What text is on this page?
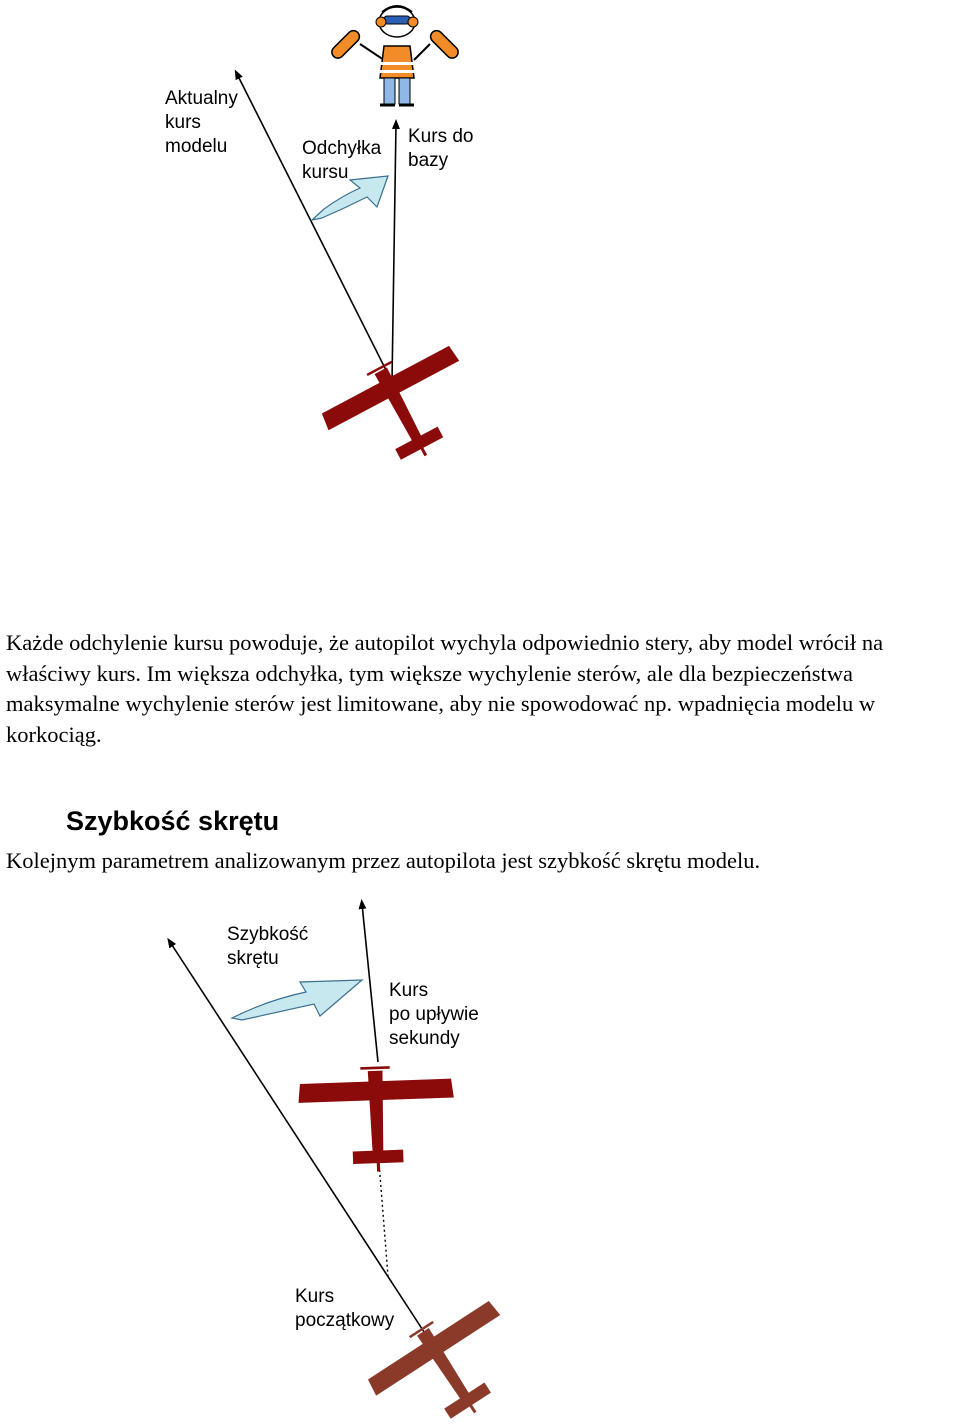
Aktualny
kurs
modelu	Odchyłka
kursu
Kurs do
bazy

Każde odchylenie kursu powoduje, że autopilot wychyla odpowiednio stery, aby model wrócił na właściwy kurs. Im większa odchyłka, tym większe wychylenie sterów, ale dla bezpieczeństwa maksymalne wychylenie sterów jest limitowane, aby nie spowodować np. wpadnięcia modelu w korkociąg.

Szybkość skrętu

Kolejnym parametrem analizowanym przez autopilota jest szybkość skrętu modelu.

Szybkość
skrętu
Kurs
po upływie
sekundy
Kurs
początkowy
